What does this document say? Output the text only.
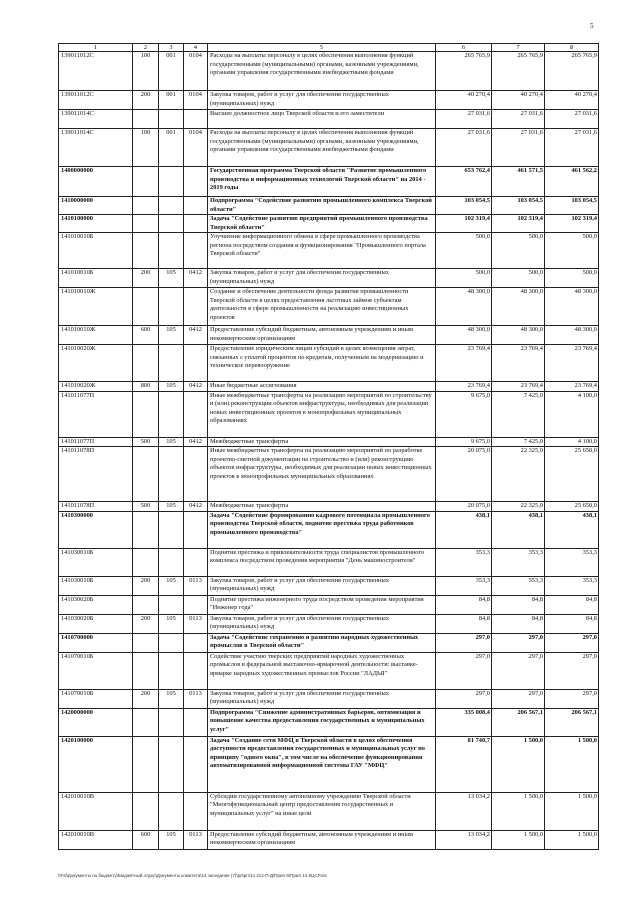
5
1	2	3	4	5	6	7	8
139011012С	100	001	0104	Расходы на выплаты персоналу в целях обеспечения выполнения функций государственными (муниципальными) органами, казенными учреждениями, органами управления государственными внебюджетными фондами	265 765,9	265 765,9	265 765,9
139011012С	200	001	0104	Закупка товаров, работ и услуг для обеспечения государственных (муниципальных) нужд	40 270,4	40 270,4	40 270,4
139011014С				Высшее должностное лицо Тверской области и его заместители	27 031,6	27 031,6	27 031,6
139011014С	100	001	0104	Расходы на выплаты персоналу в целях обеспечения выполнения функций государственными (муниципальными) органами, казенными учреждениями, органами управления государственными внебюджетными фондами	27 031,6	27 031,6	27 031,6
1400000000				Государственная программа Тверской области "Развитие промышленного производства и информационных технологий Тверской области" на 2014 - 2019 годы	653 762,4	461 571,5	461 562,2
1410000000				Подпрограмма "Содействие развитию промышленного комплекса Тверской области"	103 054,5	103 054,5	103 054,5
1410100000				Задача "Содействие развитию предприятий промышленного производства Тверской области"	102 319,4	102 319,4	102 319,4
141010010Б				Улучшение информационного обмена в сфере промышленного производства региона посредством создания и функционирования "Промышленного портала Тверской области"	500,0	500,0	500,0
141010010Б	200	105	0412	Закупка товаров, работ и услуг для обеспечения государственных (муниципальных) нужд	500,0	500,0	500,0
141010010Ж				Создание и обеспечение деятельности фонда развития промышленности Тверской области в целях предоставления льготных займов субъектам деятельности в сфере промышленности на реализацию инвестиционных проектов	48 300,0	48 300,0	48 300,0
141010010Ж	600	105	0412	Предоставление субсидий бюджетным, автономным учреждениям и иным некоммерческим организациям	48 300,0	48 300,0	48 300,0
141010020Ж				Предоставление юридическим лицам субсидий в целях возмещения затрат, связанных с уплатой процентов по кредитам, полученным на модернизацию и техническое перевооружение	23 769,4	23 769,4	23 769,4
141010020Ж	800	105	0412	Иные бюджетные ассигнования	23 769,4	23 769,4	23 769,4
141011077П				Иные межбюджетные трансферты на реализацию мероприятий по строительству и (или) реконструкции объектов инфраструктуры, необходимых для реализации новых инвестиционных проектов в монопрофильных муниципальных образованиях	9 675,0	7 425,0	4 100,0
141011077П	500	105	0412	Межбюджетные трансферты	9 675,0	7 425,0	4 100,0
141011078П				Иные межбюджетные трансферты на реализацию мероприятий по разработке проектно-сметной документации на строительство и (или) реконструкцию объектов инфраструктуры, необходимых для реализации новых инвестиционных проектов в монопрофильных муниципальных образованиях	20 075,0	22 325,0	25 650,0
141011078П	500	105	0412	Межбюджетные трансферты	20 075,0	22 325,0	25 650,0
1410300000				Задача "Содействие формированию кадрового потенциала промышленного производства Тверской области, поднятие престижа труда работников промышленного производства"	438,1	438,1	438,1
141030010Б				Поднятие престижа и привлекательности труда специалистов промышленного комплекса посредством проведения мероприятия "День машиностроителя"	353,3	353,3	353,3
141030010Б	200	105	0113	Закупка товаров, работ и услуг для обеспечения государственных (муниципальных) нужд	353,3	353,3	353,3
141030020Б				Поднятие престижа инженерного труда посредством проведения мероприятия "Инженер года"	84,8	84,8	84,8
141030020Б	200	105	0113	Закупка товаров, работ и услуг для обеспечения государственных (муниципальных) нужд	84,8	84,8	84,8
1410700000				Задача "Содействие сохранению и развитию народных художественных промыслов в Тверской области"	297,0	297,0	297,0
141070010Б				Содействие участию тверских предприятий народных художественных промыслов в федеральной выставочно-ярмарочной деятельности: выставке-ярмарке народных художественных промыслов России "ЛАДЬЯ"	297,0	297,0	297,0
141070010Б	200	105	0113	Закупка товаров, работ и услуг для обеспечения государственных (муниципальных) нужд	297,0	297,0	297,0
1420000000				Подпрограмма "Снижение административных барьеров, оптимизация и повышение качества предоставления государственных и муниципальных услуг"	335 008,4	206 567,1	206 567,1
1420100000				Задача "Создание сети МФЦ в Тверской области в целях обеспечения доступности предоставления государственных и муниципальных услуг по принципу "одного окна", в том числе на обеспечение функционирования автоматизированной информационной системы ГАУ "МФЦ"	81 740,7	1 500,0	1 500,0
142010010В				Субсидии государственному автономному учреждению Тверской области "Многофункциональный центр предоставления государственных и муниципальных услуг" на иные цели	13 034,2	1 500,0	1 500,0
142010010В	600	105	0113	Предоставление субсидий бюджетным, автономным учреждениям и иным некоммерческим организациям	13 034,2	1 500,0	1 500,0
\\Fsl\Документы по бюджету\Бюджетный отдел\Документы комитета\14 заседание (7)\рп\рп\14 312-П-Д\Прил 8\Прил 14 КЦСР.xls
